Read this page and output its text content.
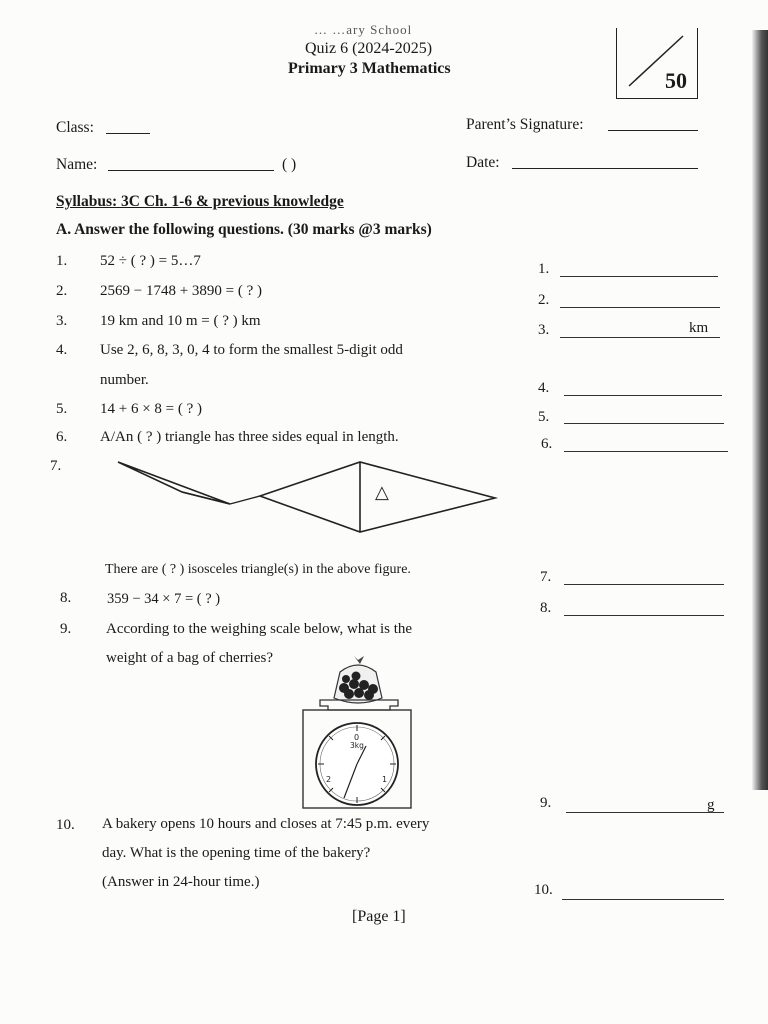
… …ary School
Quiz 6 (2024-2025)
Primary 3 Mathematics	50
Class:	Parent’s Signature:
Name:	( )	Date:
Syllabus: 3C Ch. 1-6 & previous knowledge
A. Answer the following questions. (30 marks @3 marks)
1. 52 ÷ ( ? ) = 5…7
2. 2569 − 1748 + 3890 = ( ? )
3. 19 km and 10 m = ( ? ) km
4. Use 2, 6, 8, 3, 0, 4 to form the smallest 5-digit odd
number.
5. 14 + 6 × 8 = ( ? )
6. A/An ( ? ) triangle has three sides equal in length.
7.
△
There are ( ? ) isosceles triangle(s) in the above figure.
8. 359 − 34 × 7 = ( ? )
9. According to the weighing scale below, what is the
weight of a bag of cherries?
0
3kg
2	1
10. A bakery opens 10 hours and closes at 7:45 p.m. every
day. What is the opening time of the bakery?
(Answer in 24-hour time.)
1.
2.
3.	km
4.
5.
6.
7.
8.
9.	g
10.
[Page 1]
